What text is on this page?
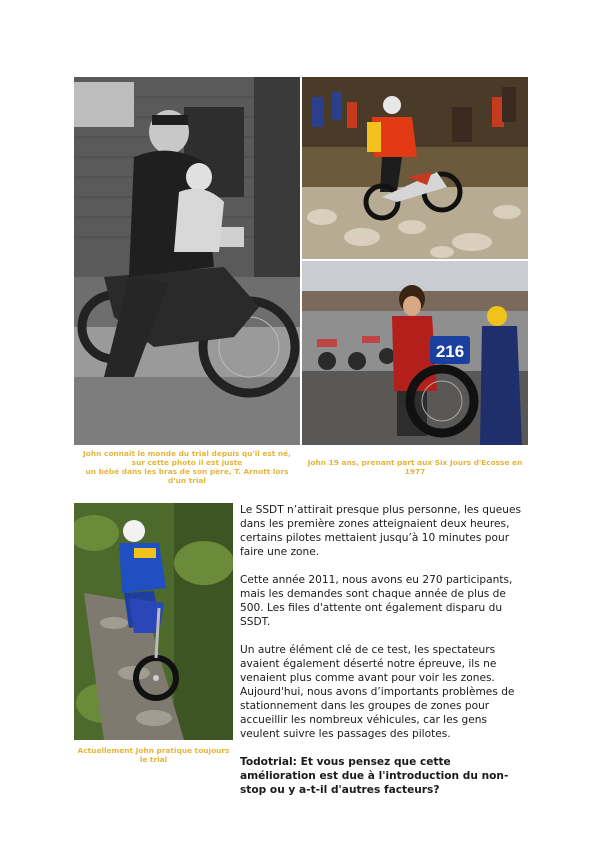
216
John connaît le monde du trial depuis qu'il est né,
sur cette photo il est juste
un bébé dans les bras de son père, T. Arnott lors
d'un trial
John 19 ans, prenant part aux Six Jours d'Ecosse en
1977
Actuellement John pratique toujours
le trial

Le SSDT n’attirait presque plus personne, les queues dans les première zones atteignaient deux heures, certains pilotes mettaient jusqu’à 10 minutes pour faire une zone.

Cette année 2011, nous avons eu 270 participants, mais les demandes sont chaque année de plus de 500. Les files d'attente ont également disparu du SSDT.

Un autre élément clé de ce test, les spectateurs avaient également déserté notre épreuve, ils ne venaient plus comme avant pour voir les zones. Aujourd'hui, nous avons d’importants problèmes de stationnement dans les groupes de zones pour accueillir les nombreux véhicules, car les gens veulent suivre les passages des pilotes.

Todotrial: Et vous pensez que cette amélioration est due à l'introduction du non-stop ou y a-t-il d'autres facteurs?
